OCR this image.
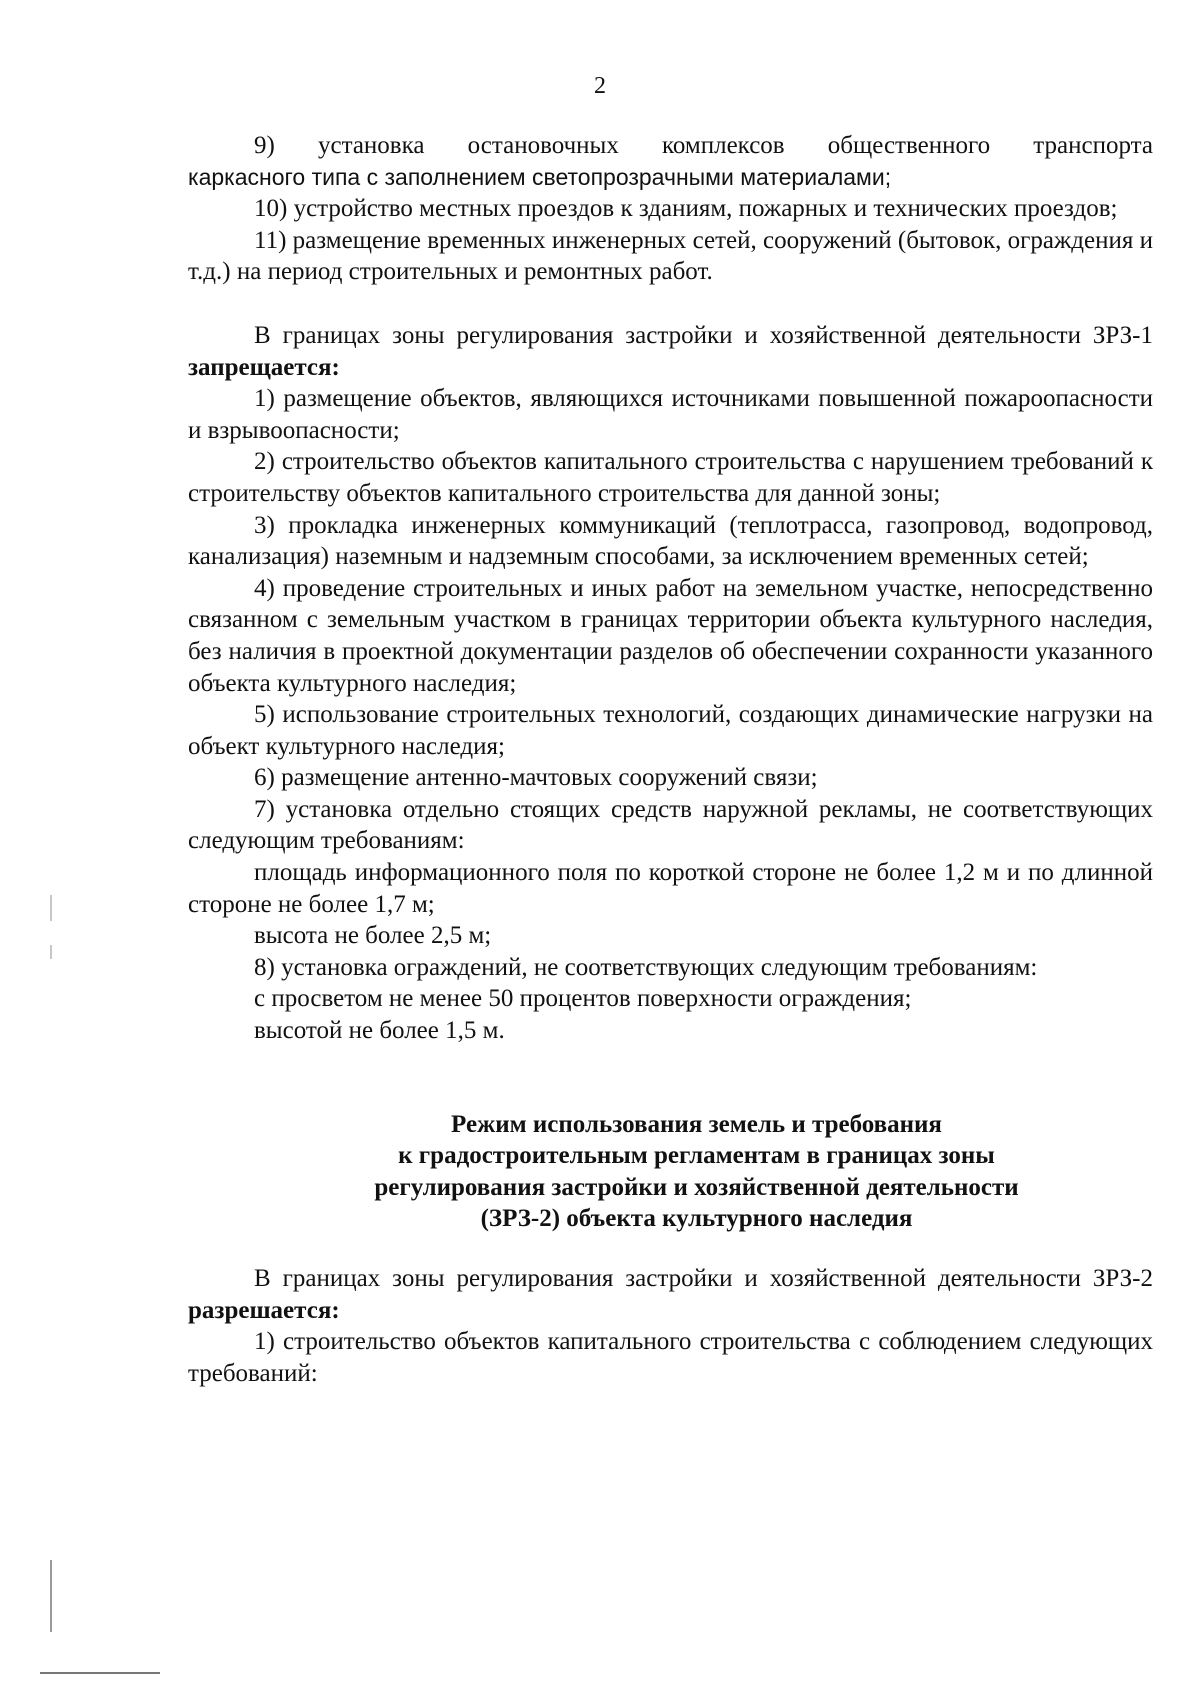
2

9) установка остановочных комплексов общественного транспорта

каркасного типа с заполнением светопрозрачными материалами;

10) устройство местных проездов к зданиям, пожарных и технических проездов;

11) размещение временных инженерных сетей, сооружений (бытовок, ограждения и т.д.) на период строительных и ремонтных работ.

В границах зоны регулирования застройки и хозяйственной деятельности ЗРЗ-1 запрещается:

1) размещение объектов, являющихся источниками повышенной пожароопасности и взрывоопасности;

2) строительство объектов капитального строительства с нарушением требований к строительству объектов капитального строительства для данной зоны;

3) прокладка инженерных коммуникаций (теплотрасса, газопровод, водопровод, канализация) наземным и надземным способами, за исключением временных сетей;

4) проведение строительных и иных работ на земельном участке, непосредственно связанном с земельным участком в границах территории объекта культурного наследия, без наличия в проектной документации разделов об обеспечении сохранности указанного объекта культурного наследия;

5) использование строительных технологий, создающих динамические нагрузки на объект культурного наследия;

6) размещение антенно-мачтовых сооружений связи;

7) установка отдельно стоящих средств наружной рекламы, не соответствующих следующим требованиям:

площадь информационного поля по короткой стороне не более 1,2 м и по длинной стороне не более 1,7 м;

высота не более 2,5 м;

8) установка ограждений, не соответствующих следующим требованиям:

с просветом не менее 50 процентов поверхности ограждения;

высотой не более 1,5 м.

Режим использования земель и требования

к градостроительным регламентам в границах зоны

регулирования застройки и хозяйственной деятельности

(ЗРЗ-2) объекта культурного наследия

В границах зоны регулирования застройки и хозяйственной деятельности ЗРЗ-2 разрешается:

1) строительство объектов капитального строительства с соблюдением следующих требований:
